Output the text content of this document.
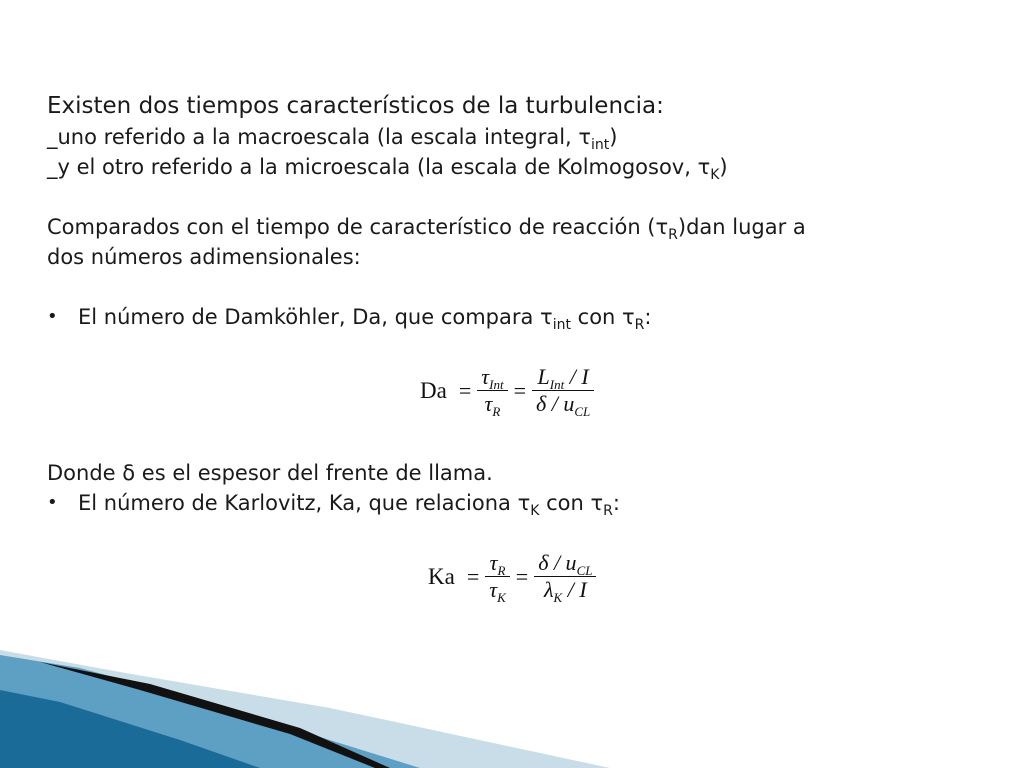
Existen dos tiempos característicos de la turbulencia:
_uno referido a la macroescala (la escala integral, $\tau_{int}$)
_y el otro referido a la microescala (la escala de Kolmogosov, $\tau_K$)
Comparados con el tiempo de característico de reacción $(\tau_R)dan$ lugar a
dos números adimensionales:
• El número de Damköhler, Da, que compara $\tau_{int}$ con $\tau_R$:
$Da = \frac{\tau_{Int}}{\tau_R} = \frac{L_{Int} / I}{\delta / u_{CL}}$
Donde δ es el espesor del frente de llama.
• El número de Karlovitz, Ka, que relaciona $\tau_K$ con $\tau_R$:
$Ka = \frac{\tau_R}{\tau_K} = \frac{\delta / u_{CL}}{\lambda_K / I}$
